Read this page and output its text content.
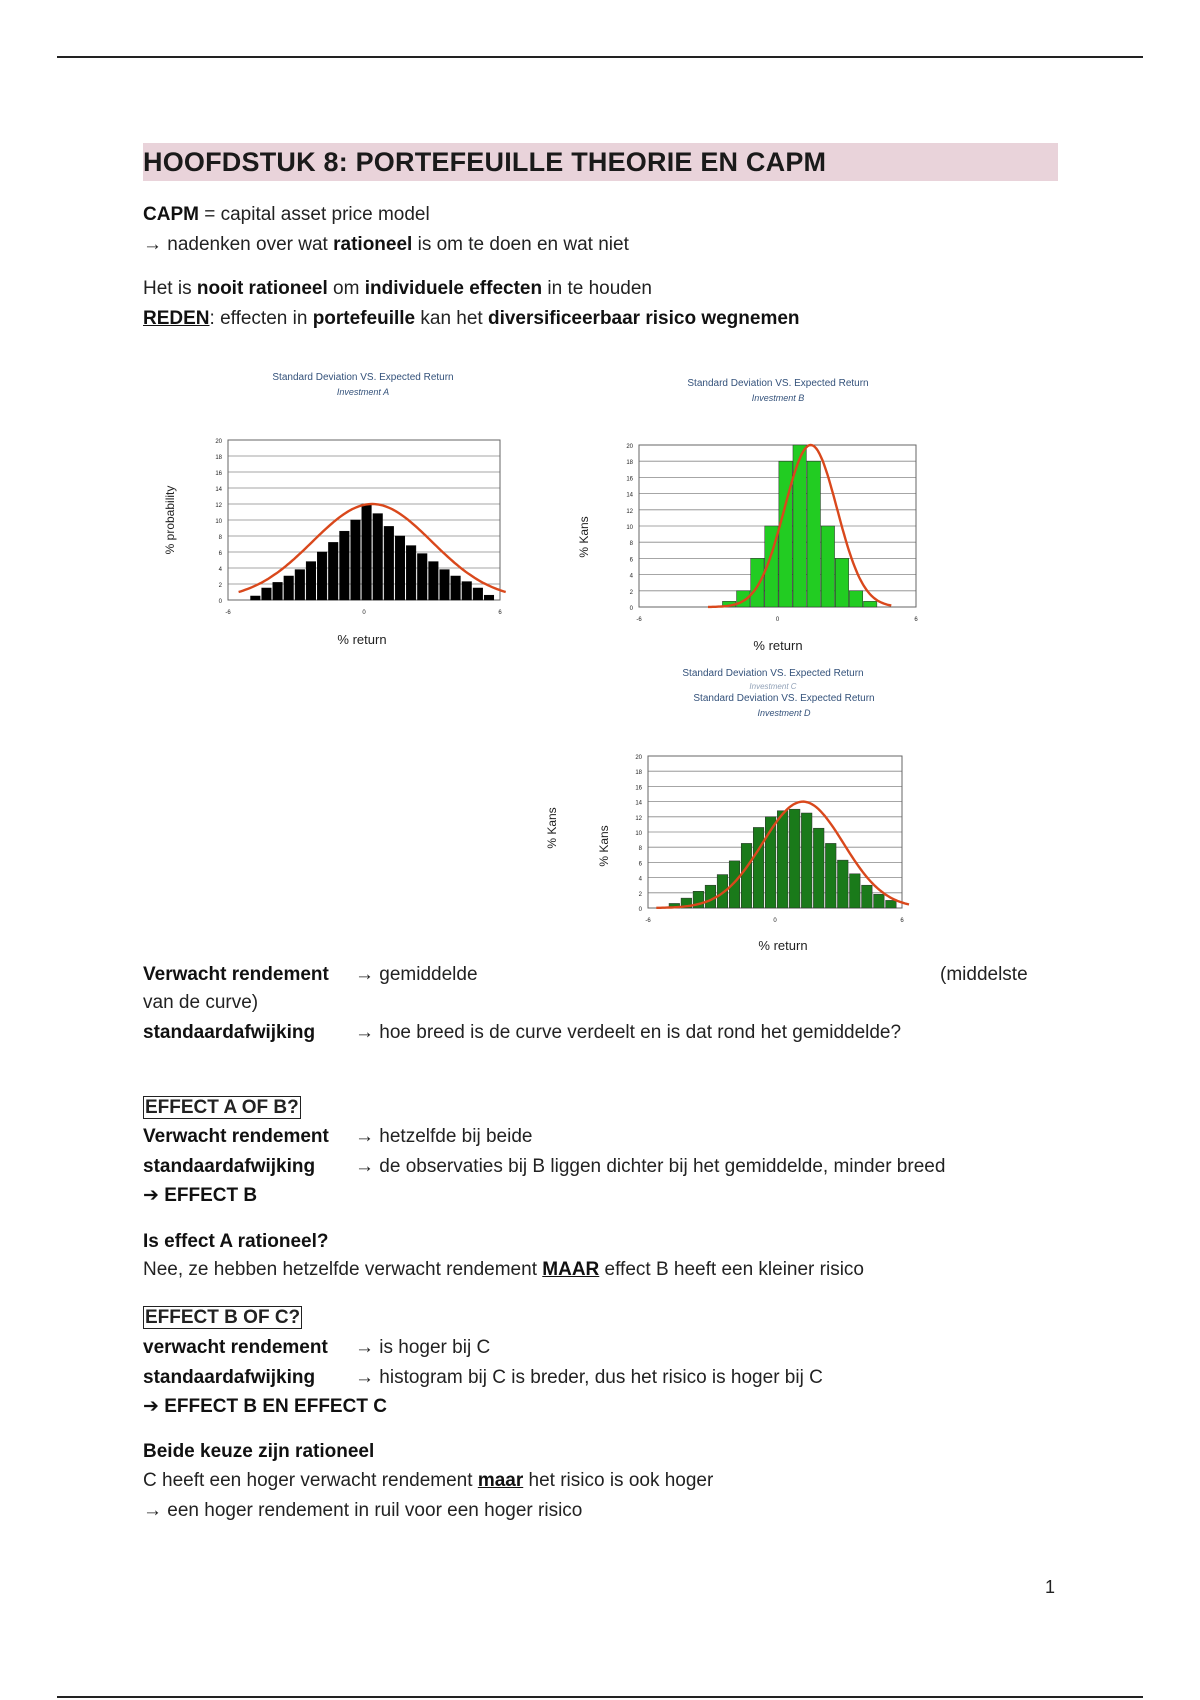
HOOFDSTUK 8: PORTEFEUILLE THEORIE EN CAPM
CAPM = capital asset price model
→ nadenken over wat rationeel is om te doen en wat niet
Het is nooit rationeel om individuele effecten in te houden
REDEN: effecten in portefeuille kan het diversificeerbaar risico wegnemen
Standard Deviation VS. Expected Return
Investment A
% probability
% return
0
2
4
6
8
10
12
14
16
18
20
-6	0	6
Standard Deviation VS. Expected Return
Investment B
% Kans
% return
0
2
4
6
8
10
12
14
16
18
20
-6	0	6
Standard Deviation VS. Expected Return
Investment C
Standard Deviation VS. Expected Return
Investment D
% Kans	% Kans
% return
0
2
4
6
8
10
12
14
16
18
20
-6	0	6
Verwacht rendement → gemiddelde	(middelste
van de curve)
standaardafwijking → hoe breed is de curve verdeelt en is dat rond het gemiddelde?
EFFECT A OF B?
Verwacht rendement → hetzelfde bij beide
standaardafwijking → de observaties bij B liggen dichter bij het gemiddelde, minder breed
➔ EFFECT B
Is effect A rationeel?
Nee, ze hebben hetzelfde verwacht rendement MAAR effect B heeft een kleiner risico
EFFECT B OF C?
verwacht rendement → is hoger bij C
standaardafwijking → histogram bij C is breder, dus het risico is hoger bij C
➔ EFFECT B EN EFFECT C
Beide keuze zijn rationeel
C heeft een hoger verwacht rendement maar het risico is ook hoger
→ een hoger rendement in ruil voor een hoger risico
1
